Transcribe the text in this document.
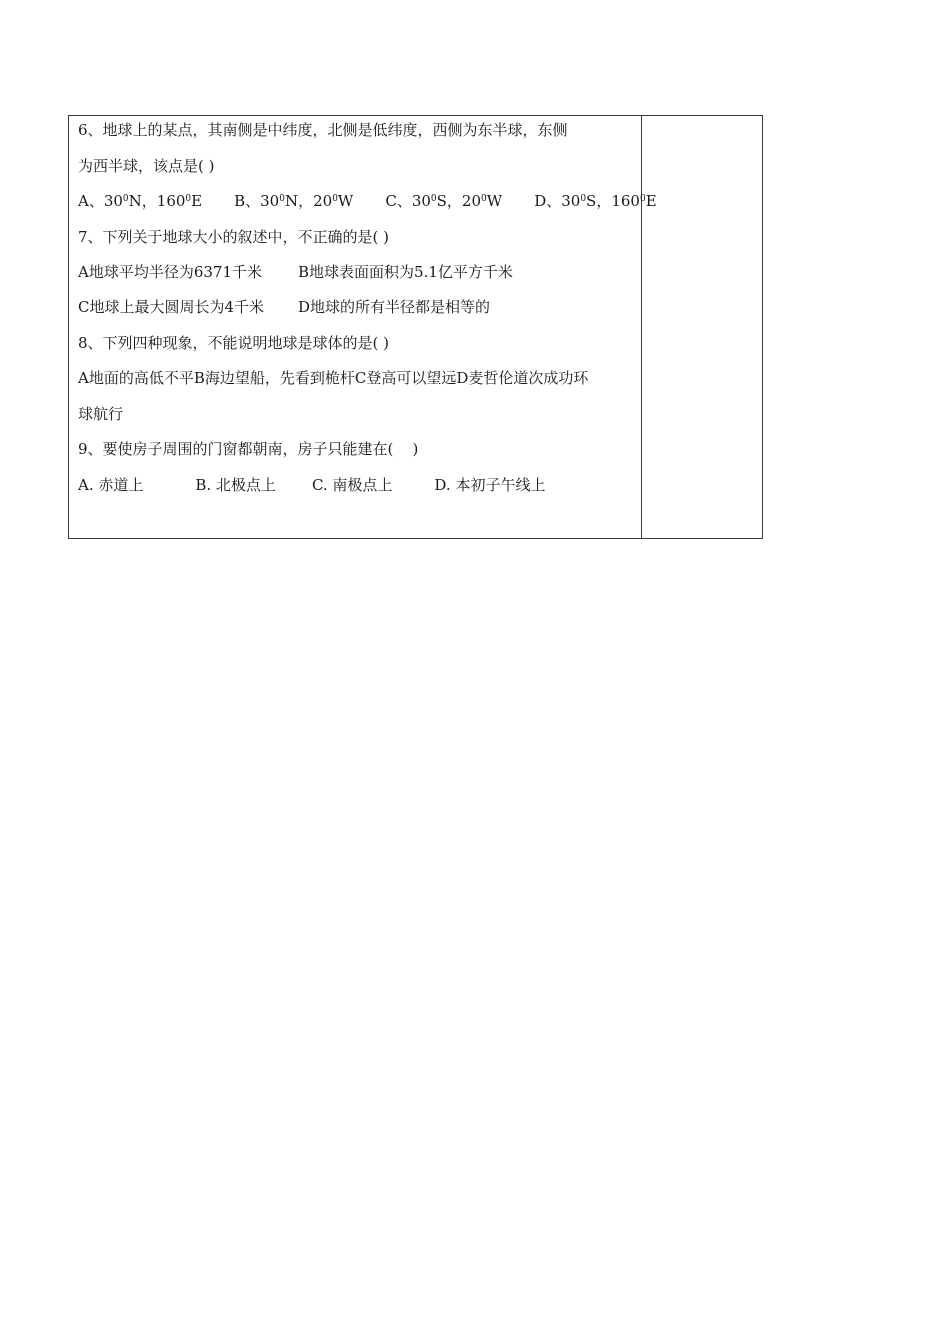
6、地球上的某点，其南侧是中纬度，北侧是低纬度，西侧为东半球，东侧
为西半球，该点是( )
A、$30^0N$，$160^0E$ B、$30^0N$，$20^0W$ C、$30^0S$，$20^0W$ D、$30^0S$，$160^0E$
7、下列关于地球大小的叙述中，不正确的是( )
A地球平均半径为6371千米 B地球表面面积为5.1亿平方千米
C地球上最大圆周长为4千米 D地球的所有半径都是相等的
8、下列四种现象，不能说明地球是球体的是( )
A地面的高低不平B海边望船，先看到桅杆C登高可以望远D麦哲伦道次成功环
球航行
9、要使房子周围的门窗都朝南，房子只能建在(    )
A. 赤道上	B. 北极点上 C. 南极点上	D. 本初子午线上
